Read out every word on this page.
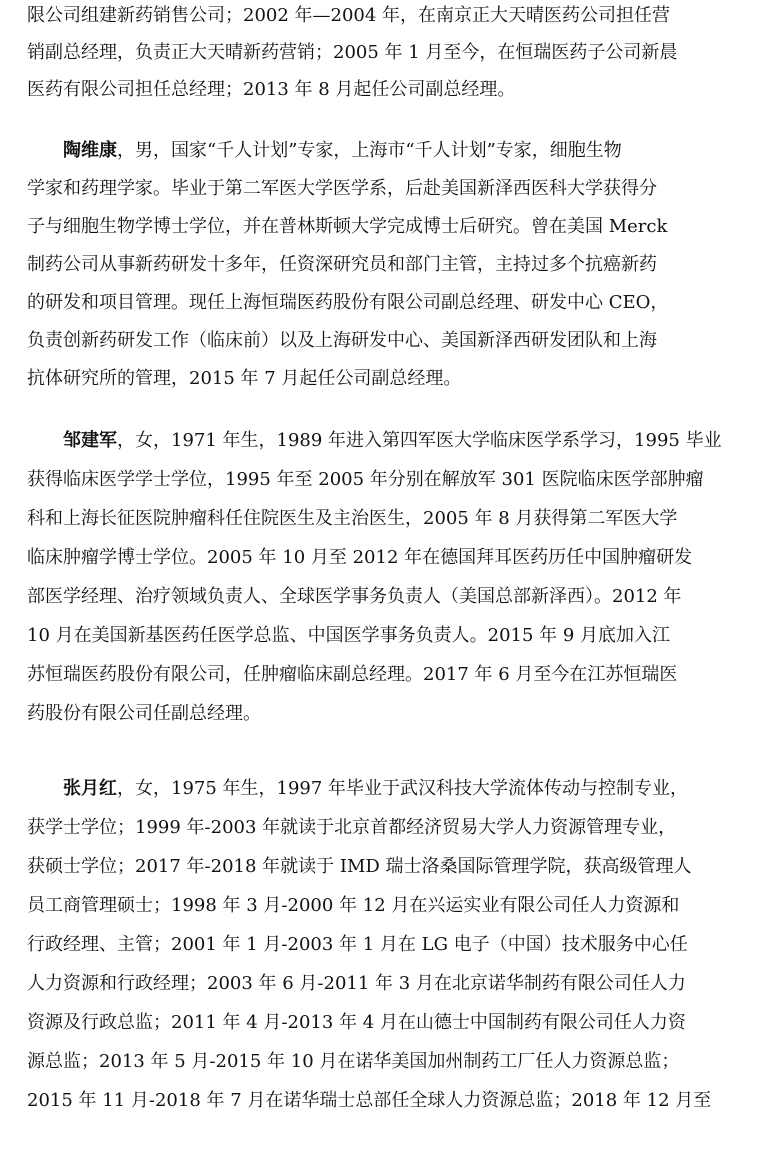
限公司组建新药销售公司；2002 年—2004 年，在南京正大天晴医药公司担任营
销副总经理，负责正大天晴新药营销；2005 年 1 月至今，在恒瑞医药子公司新晨
医药有限公司担任总经理；2013 年 8 月起任公司副总经理。
陶维康，男，国家“千人计划”专家，上海市“千人计划”专家，细胞生物
学家和药理学家。毕业于第二军医大学医学系，后赴美国新泽西医科大学获得分
子与细胞生物学博士学位，并在普林斯顿大学完成博士后研究。曾在美国 Merck
制药公司从事新药研发十多年，任资深研究员和部门主管，主持过多个抗癌新药
的研发和项目管理。现任上海恒瑞医药股份有限公司副总经理、研发中心 CEO，
负责创新药研发工作（临床前）以及上海研发中心、美国新泽西研发团队和上海
抗体研究所的管理，2015 年 7 月起任公司副总经理。
邹建军，女，1971 年生，1989 年进入第四军医大学临床医学系学习，1995 毕业
获得临床医学学士学位，1995 年至 2005 年分别在解放军 301 医院临床医学部肿瘤
科和上海长征医院肿瘤科任住院医生及主治医生，2005 年 8 月获得第二军医大学
临床肿瘤学博士学位。2005 年 10 月至 2012 年在德国拜耳医药历任中国肿瘤研发
部医学经理、治疗领域负责人、全球医学事务负责人（美国总部新泽西）。2012 年
10 月在美国新基医药任医学总监、中国医学事务负责人。2015 年 9 月底加入江
苏恒瑞医药股份有限公司，任肿瘤临床副总经理。2017 年 6 月至今在江苏恒瑞医
药股份有限公司任副总经理。
张月红，女，1975 年生，1997 年毕业于武汉科技大学流体传动与控制专业，
获学士学位；1999 年-2003 年就读于北京首都经济贸易大学人力资源管理专业，
获硕士学位；2017 年-2018 年就读于 IMD 瑞士洛桑国际管理学院，获高级管理人
员工商管理硕士；1998 年 3 月-2000 年 12 月在兴运实业有限公司任人力资源和
行政经理、主管；2001 年 1 月-2003 年 1 月在 LG 电子（中国）技术服务中心任
人力资源和行政经理；2003 年 6 月-2011 年 3 月在北京诺华制药有限公司任人力
资源及行政总监；2011 年 4 月-2013 年 4 月在山德士中国制药有限公司任人力资
源总监；2013 年 5 月-2015 年 10 月在诺华美国加州制药工厂任人力资源总监；
2015 年 11 月-2018 年 7 月在诺华瑞士总部任全球人力资源总监；2018 年 12 月至
